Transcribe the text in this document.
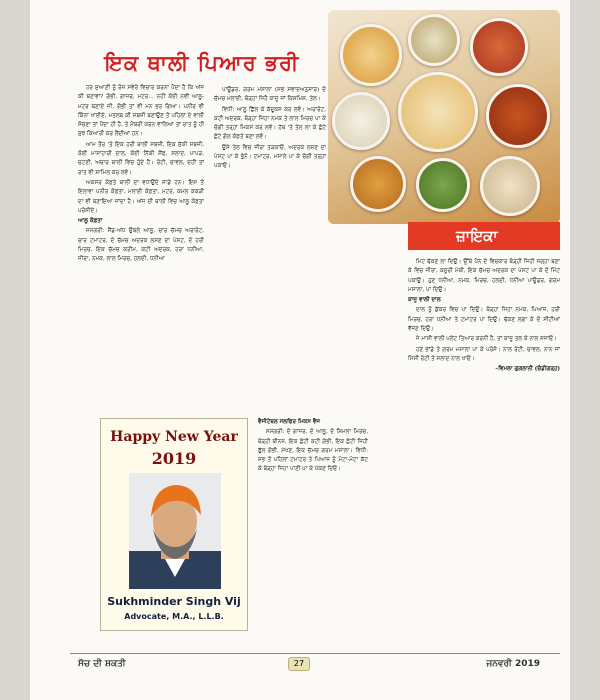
ਜ਼ਾਇਕਾ
ਇਕ ਥਾਲੀ ਪਿਆਰ ਭਰੀ

ਹਰ ਸੁਆਣੀ ਨੂੰ ਰੋਜ਼ ਸਵੇਰੇ ਵਿਚਾਰ ਕਰਨਾ ਪੈਂਦਾ ਹੈ ਕਿ ਅੱਜ ਕੀ ਬਣਾਵਾਂ? ਗੋਭੀ, ਗਾਜਰ, ਮਟਰ... ਨਹੀਂ ਕੋਈ ਨਵੀਂ ਆਲੂ-ਮਟਰ ਬਣਾਏ ਜੀ, ਗੋਭੀ ਤਾਂ ਵੀ ਮਨ ਭਰ ਗਿਆ। ਪਨੀਰ ਵੀ ਕਿੰਨਾ ਖਾਈਏ, ਮਤਲਬ ਕੀ ਸਬਜ਼ੀ ਬਣਾਉਣ ਤੋਂ ਪਹਿਲਾਂ ਏ ਵਾਲੀ ਸੋਚਣਾ ਤਾਂ ਪੈਂਦਾ ਹੀ ਹੈ, ਤੇ ਮੈਂਬਰੀ ਕਰਨ ਵਾਲਿਆਂ ਤਾਂ ਰਾਤ ਨੂੰ ਹੀ ਸੁਝ ਕਿਆਰੀ ਕਰ ਲੈਂਦੀਆਂ ਹਨ।

ਆਮ ਤੌਰ 'ਤੇ ਇਕ ਹਰੀ ਥਾਲੀ ਸਬਜ਼ੀ, ਇਕ ਸੁੱਕੀ ਸਬਜ਼ੀ, ਕੋਈ ਮਾਸਾਹਾਰੀ ਦਾਲ, ਕੋਈ ਨਿੱਕੀ ਸੌਂਫ, ਸਲਾਦ, ਪਾਪੜ, ਚਟਣੀ, ਅਚਾਰ ਥਾਲੀ ਵਿਚ ਹੁੰਦੇ ਹੈ। ਰੋਟੀ, ਚਾਵਲ, ਦਹੀਂ ਤਾਂ ਰਾਤ ਵੀ ਸ਼ਾਮਿਲ ਕਰ ਲਵੋ।

ਅਕਸਰ ਕੋਫ਼ਤੇ ਥਾਲੀ ਦਾ ਵਧਾਉਂਦੇ ਸਾਡੇ ਹਨ। ਇਸ ਤੋਂ ਇਲਾਵਾ ਪਨੀਰ ਕੋਫ਼ਤਾ, ਮਲਾਈ ਕੋਫ਼ਤਾ, ਮਟਰ, ਕਮਲ ਕਕੜੀ ਦਾ ਵੀ ਬਣਾਇਆ ਜਾਂਦਾ ਹੈ। ਅੱਜ ਦੀ ਥਾਲੀ ਵਿਚ ਆਲੂ ਕੋਫ਼ਤਾ ਪਰੋਸੀਏ।

ਆਲੂ ਕੋਫ਼ਤਾ

ਸਮੱਗਰੀ: ਸੈਂਡ-ਅੱਧ ਉਬਲੇ ਆਲੂ, ਚਾਰ ਚੱਮਚ ਅਰਾਰੋਟ, ਚਾਰ ਟਮਾਟਰ, ਦੋ ਚੱਮਚ ਅਦਰਕ ਲਸਣ ਦਾ ਪੇਸਟ, ਦੋ ਹਰੀ ਮਿਰਚ, ਇਕ ਚੱਮਚ ਕਰੀਮ, ਕਟੀ ਅਦਰਕ, ਹਰਾ ਧਨੀਆ, ਜੀਰਾ, ਨਮਕ, ਲਾਲ ਮਿਰਚ, ਹਲਦੀ, ਧਨੀਆ

ਪਾਊਡਰ, ਗਰਮ ਮਸਾਲਾ (ਸਭ ਸਵਾਦਅਨੁਸਾਰ) ਦੋ ਚੱਮਚ ਮਲਾਈ, ਥੋੜ੍ਹਾ ਜਿਹੈ ਕਾਜੂ ਜਾਂ ਕਿਸ਼ਮਿਸ਼, ਤੇਲ।

ਵਿਧੀ: ਆਲੂ ਛਿੱਲ ਕੇ ਕੱਦੂਕਸ ਕਰ ਲਵੋ। ਅਰਾਰੋਟ, ਕਟੀ ਅਦਰਕ, ਥੋੜ੍ਹਾ ਜਿਹਾ ਨਮਕ ਤੇ ਲਾਲ ਮਿਰਚ ਪਾ ਕੇ ਚੰਗੀ ਤਰ੍ਹਾਂ ਮਿਕਸ ਕਰ ਲਵੋ। ਹੱਥ 'ਤੇ ਤੇਲ ਲਾ ਕੇ ਛੋਟੇ ਛੋਟੇ ਗੋਲ ਕੋਫ਼ਤੇ ਬਣਾ ਲਵੋ।

ਉਸੇ ਤੇਲ ਵਿਚ ਜੀਰਾ ਤੜਕਾਓ, ਅਦਰਕ ਲਸਣ ਦਾ ਪੇਸਟ ਪਾ ਕੇ ਭੁੰਨੋ। ਟਮਾਟਰ, ਮਸਾਲੇ ਪਾ ਕੇ ਚੰਗੀ ਤਰ੍ਹਾਂ ਪਕਾਓ।

ਵੈਜੀਟੇਬਲ ਜਲਫਿਰ ਮਿਕਸ ਵੈਜ

ਸਮੱਗਰੀ: ਦੋ ਗਾਜਰ, ਦੋ ਆਲੂ, ਦੋ ਸ਼ਿਮਲਾ ਮਿਰਚ, ਥੋੜ੍ਹੀ ਬੀਨਜ਼, ਇਕ ਛੋਟੀ ਕਟੀ ਗੋਭੀ, ਇਕ ਛੋਟੀ ਜਿਹੀ ਫੁੱਲ ਗੋਭੀ, ਮੱਖਣ, ਇਕ ਚੱਮਚ ਗਰਮ ਮਸਾਲਾ। ਵਿਧੀ: ਸਭ ਤੋਂ ਪਹਿਲਾਂ ਟਮਾਟਰ ਤੇ ਪਿਆਜ਼ ਨੂੰ ਮੋਟਾ-ਮੋਟਾ ਕੱਟ ਕੇ ਥੋੜ੍ਹਾ ਜਿਹਾ ਪਾਣੀ ਪਾ ਕੇ ਪੱਕਣ ਦਿਓ।

ਮਿਟ ਢੱਕਣ ਲਾ ਦਿਉ। ਉੱਥੇ ਪੈਨ ਦੇ ਵਿਚਕਾਰ ਥੋੜ੍ਹੀ ਜਿਹੀ ਜਗ੍ਹਾ ਬਣਾ ਕੇ ਵਿਚ ਜੀਰਾ, ਕਸੂਰੀ ਮੇਥੀ, ਇਕ ਚੱਮਚ ਅਦਰਕ ਦਾ ਪੇਸਟ ਪਾ ਕੇ ਦੋ ਮਿੰਟ ਪਕਾਉ। ਹੁਣ ਧਨੀਆ, ਨਮਕ, ਮਿਰਚ, ਹਲਦੀ, ਧਨੀਆ ਪਾਊਡਰ, ਗਰਮ ਮਸਾਲਾ, ਪਾ ਦਿਉ।

ਕਾਜੂ ਵਾਲੀ ਦਾਲ

ਦਾਲ ਨੂੰ ਕੁੱਕਰ ਵਿਚ ਪਾ ਦਿਉ। ਥੋੜ੍ਹਾ ਜਿਹਾ ਨਮਕ, ਪਿਆਜ਼, ਹਰੀ ਮਿਰਚ, ਹਰਾ ਧਨੀਆ ਤੇ ਟਮਾਟਰ ਪਾ ਦਿਉ। ਢੱਕਣ ਲਗਾ ਕੇ ਦੋ ਸੀਟੀਆਂ ਵੱਜਣ ਦਿਉ।

ਜੇ ਮਾਸੀ ਵਾਲੀ ਪਲੇਟ ਤਿਆਰ ਕਰਨੀ ਹੈ, ਤਾਂ ਕਾਜੂ ਤਲ ਕੇ ਨਾਲ ਸਜਾਓ।

ਹਣ ਭਾਂਡੇ ਤੇ ਗਰਮ ਮਸਾਲਾ ਪਾ ਕੇ ਪਰੋਸੋ। ਨਾਲ ਰੋਟੀ, ਚਾਵਲ, ਨਾਨ ਜਾਂ ਮਿੱਸੀ ਰੋਟੀ ਤੇ ਸਲਾਦ ਨਾਲ ਖਾਓ।

–ਵਿਮਲਾ ਗੁਗਲਾਨੀ (ਚੰਡੀਗੜ੍ਹ)

Happy New Year
2019
Sukhminder Singh Vij
Advocate, M.A., L.L.B.
ਸੋਚ ਦੀ ਸ਼ਕਤੀ	27	ਜਨਵਰੀ 2019
